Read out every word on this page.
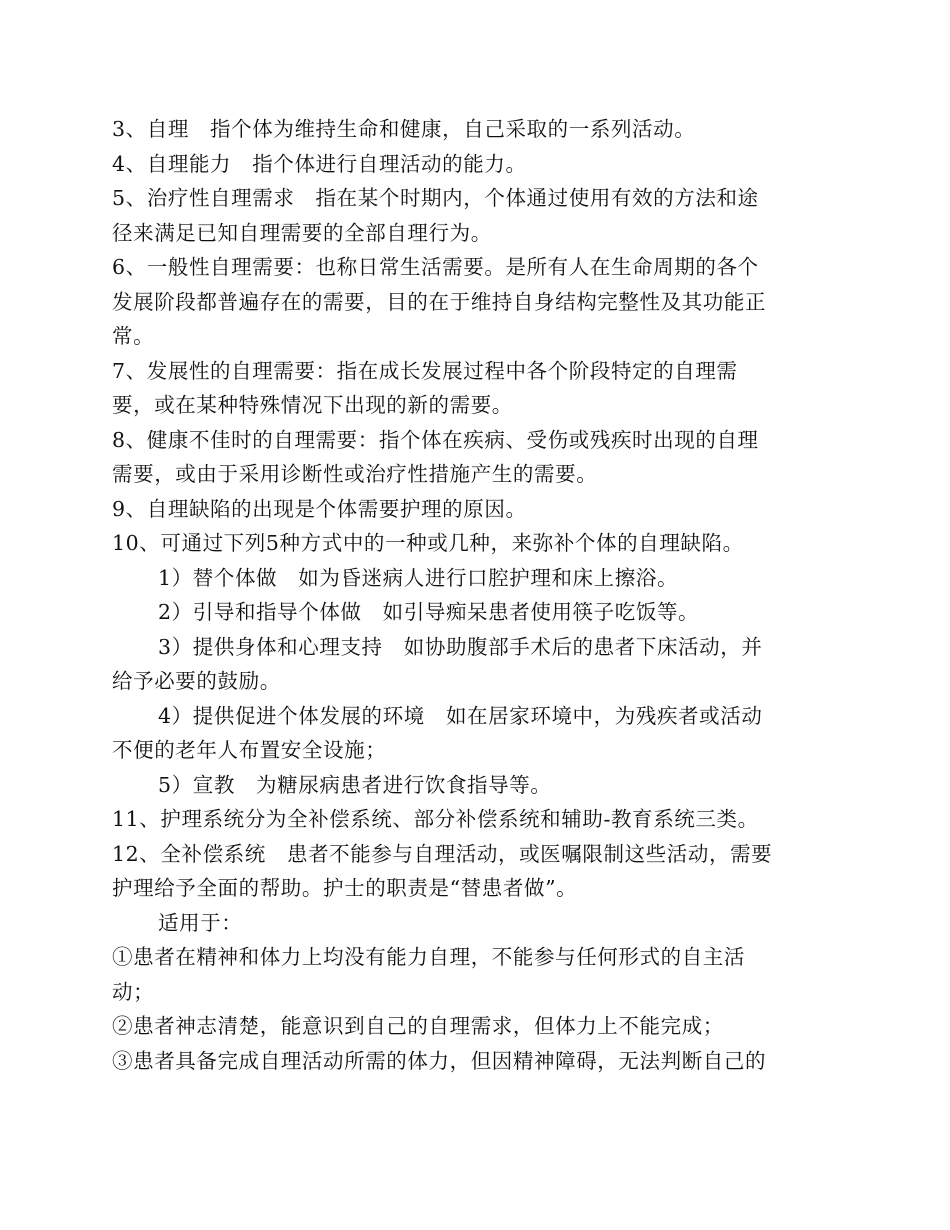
3、自理　指个体为维持生命和健康，自己采取的一系列活动。
4、自理能力　指个体进行自理活动的能力。
5、治疗性自理需求　指在某个时期内，个体通过使用有效的方法和途
径来满足已知自理需要的全部自理行为。
6、一般性自理需要：也称日常生活需要。是所有人在生命周期的各个
发展阶段都普遍存在的需要，目的在于维持自身结构完整性及其功能正
常。
7、发展性的自理需要：指在成长发展过程中各个阶段特定的自理需
要，或在某种特殊情况下出现的新的需要。
8、健康不佳时的自理需要：指个体在疾病、受伤或残疾时出现的自理
需要，或由于采用诊断性或治疗性措施产生的需要。
9、自理缺陷的出现是个体需要护理的原因。
10、可通过下列5种方式中的一种或几种，来弥补个体的自理缺陷。
1）替个体做　如为昏迷病人进行口腔护理和床上擦浴。
2）引导和指导个体做　如引导痴呆患者使用筷子吃饭等。
3）提供身体和心理支持　如协助腹部手术后的患者下床活动，并
给予必要的鼓励。
4）提供促进个体发展的环境　如在居家环境中，为残疾者或活动
不便的老年人布置安全设施；
5）宣教　为糖尿病患者进行饮食指导等。
11、护理系统分为全补偿系统、部分补偿系统和辅助-教育系统三类。
12、全补偿系统　患者不能参与自理活动，或医嘱限制这些活动，需要
护理给予全面的帮助。护士的职责是“替患者做”。
适用于：
①患者在精神和体力上均没有能力自理，不能参与任何形式的自主活
动；
②患者神志清楚，能意识到自己的自理需求，但体力上不能完成；
③患者具备完成自理活动所需的体力，但因精神障碍，无法判断自己的
